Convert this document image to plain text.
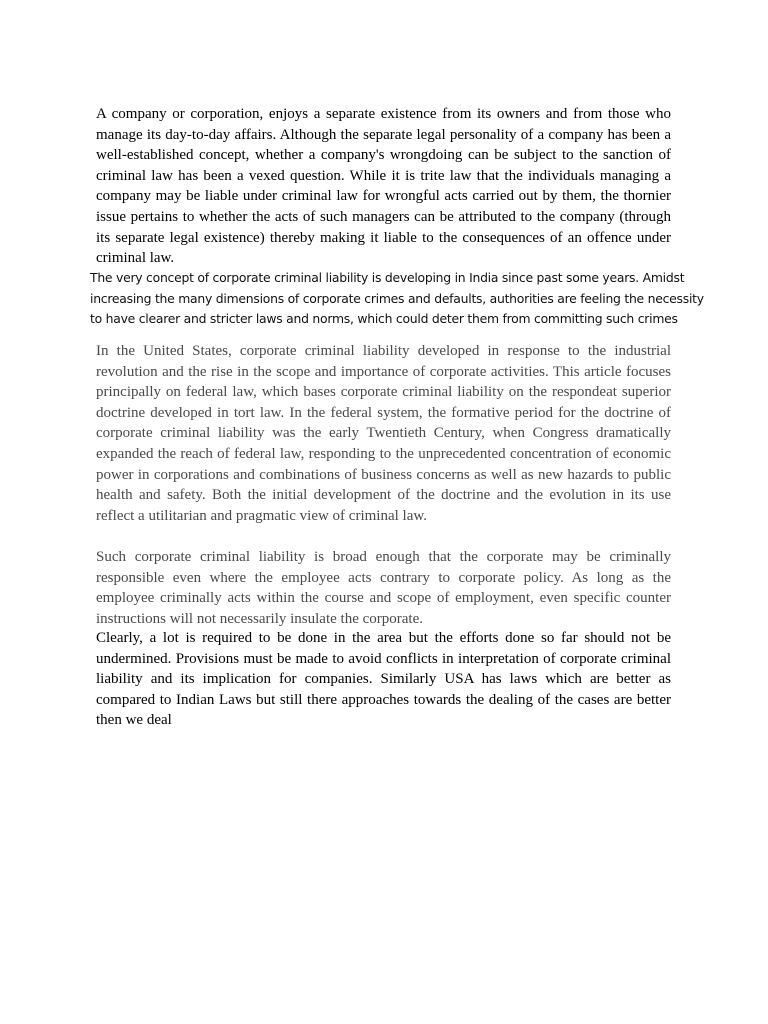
A company or corporation, enjoys a separate existence from its owners and from those who manage its day-to-day affairs. Although the separate legal personality of a company has been a well-established concept, whether a company's wrongdoing can be subject to the sanction of criminal law has been a vexed question. While it is trite law that the individuals managing a company may be liable under criminal law for wrongful acts carried out by them, the thornier issue pertains to whether the acts of such managers can be attributed to the company (through its separate legal existence) thereby making it liable to the consequences of an offence under criminal law.

The very concept of corporate criminal liability is developing in India since past some years. Amidst
increasing the many dimensions of corporate crimes and defaults, authorities are feeling the necessity
to have clearer and stricter laws and norms, which could deter them from committing such crimes

In the United States, corporate criminal liability developed in response to the industrial revolution and the rise in the scope and importance of corporate activities. This article focuses principally on federal law, which bases corporate criminal liability on the respondeat superior doctrine developed in tort law. In the federal system, the formative period for the doctrine of corporate criminal liability was the early Twentieth Century, when Congress dramatically expanded the reach of federal law, responding to the unprecedented concentration of economic power in corporations and combinations of business concerns as well as new hazards to public health and safety. Both the initial development of the doctrine and the evolution in its use reflect a utilitarian and pragmatic view of criminal law.

Such corporate criminal liability is broad enough that the corporate may be criminally responsible even where the employee acts contrary to corporate policy. As long as the employee criminally acts within the course and scope of employment, even specific counter instructions will not necessarily insulate the corporate.

Clearly, a lot is required to be done in the area but the efforts done so far should not be undermined. Provisions must be made to avoid conflicts in interpretation of corporate criminal liability and its implication for companies. Similarly USA has laws which are better as compared to Indian Laws but still there approaches towards the dealing of the cases are better then we deal
